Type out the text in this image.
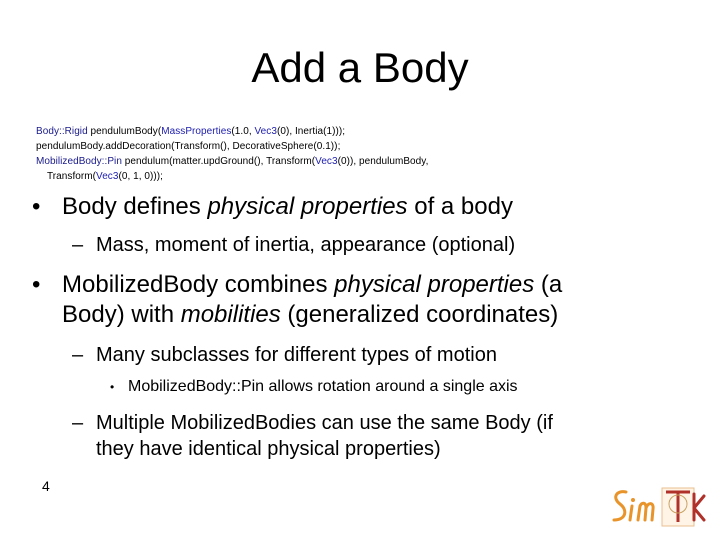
Add a Body
Body::Rigid pendulumBody(MassProperties(1.0, Vec3(0), Inertia(1)));
pendulumBody.addDecoration(Transform(), DecorativeSphere(0.1));
MobilizedBody::Pin pendulum(matter.updGround(), Transform(Vec3(0)), pendulumBody,
Transform(Vec3(0, 1, 0)));
• Body defines physical properties of a body
– Mass, moment of inertia, appearance (optional)
• MobilizedBody combines physical properties (a
Body) with mobilities (generalized coordinates)
– Many subclasses for different types of motion
• MobilizedBody::Pin allows rotation around a single axis
– Multiple MobilizedBodies can use the same Body (if
they have identical physical properties)
4
